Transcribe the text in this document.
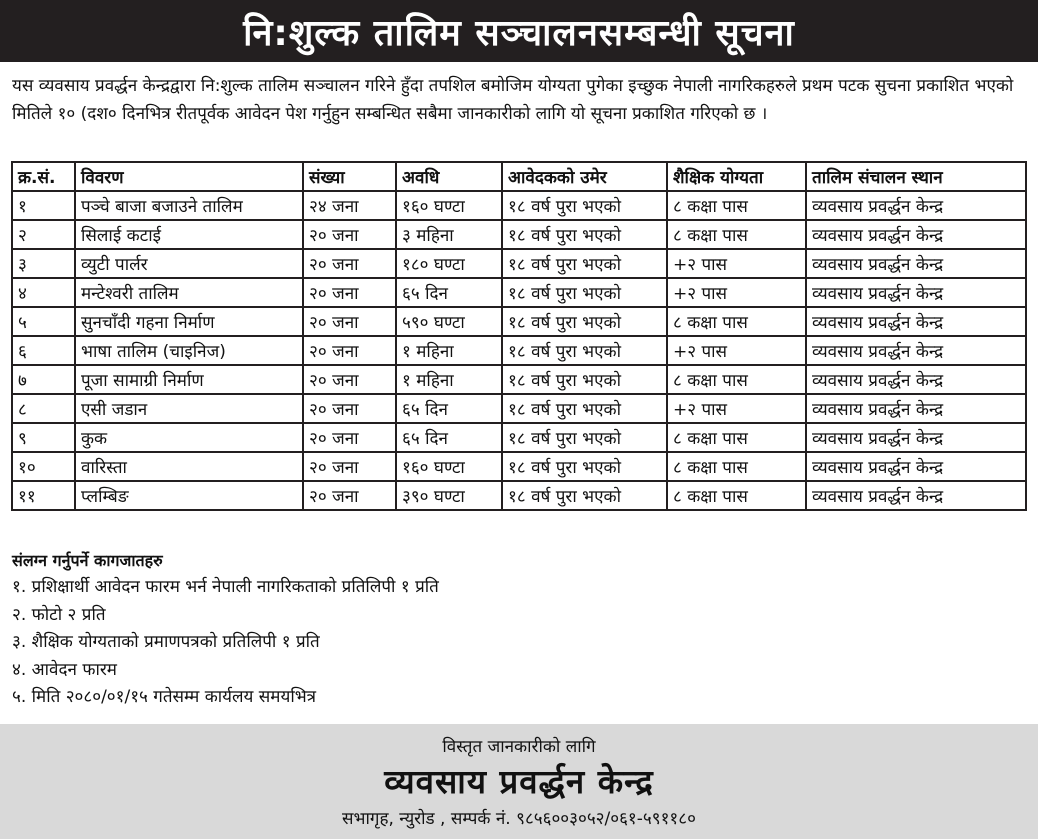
नि:शुल्क तालिम सञ्चालनसम्बन्धी सूचना

यस व्यवसाय प्रवर्द्धन केन्द्रद्वारा नि:शुल्क तालिम सञ्चालन गरिने हुँदा तपशिल बमोजिम योग्यता पुगेका इच्छुक नेपाली नागरिकहरुले प्रथम पटक सुचना प्रकाशित भएको मितिले १० (दश० दिनभित्र रीतपूर्वक आवेदन पेश गर्नुहुन सम्बन्धित सबैमा जानकारीको लागि यो सूचना प्रकाशित गरिएको छ ।

क्र.सं.	विवरण	संख्या	अवधि	आवेदकको उमेर	शैक्षिक योग्यता	तालिम संचालन स्थान
१	पञ्चे बाजा बजाउने तालिम	२४ जना	१६० घण्टा	१८ वर्ष पुरा भएको	८ कक्षा पास	व्यवसाय प्रवर्द्धन केन्द्र
२	सिलाई कटाई	२० जना	३ महिना	१८ वर्ष पुरा भएको	८ कक्षा पास	व्यवसाय प्रवर्द्धन केन्द्र
३	व्युटी पार्लर	२० जना	१८० घण्टा	१८ वर्ष पुरा भएको	+२ पास	व्यवसाय प्रवर्द्धन केन्द्र
४	मन्टेश्वरी तालिम	२० जना	६५ दिन	१८ वर्ष पुरा भएको	+२ पास	व्यवसाय प्रवर्द्धन केन्द्र
५	सुनचाँदी गहना निर्माण	२० जना	५९० घण्टा	१८ वर्ष पुरा भएको	८ कक्षा पास	व्यवसाय प्रवर्द्धन केन्द्र
६	भाषा तालिम (चाइनिज)	२० जना	१ महिना	१८ वर्ष पुरा भएको	+२ पास	व्यवसाय प्रवर्द्धन केन्द्र
७	पूजा सामाग्री निर्माण	२० जना	१ महिना	१८ वर्ष पुरा भएको	८ कक्षा पास	व्यवसाय प्रवर्द्धन केन्द्र
८	एसी जडान	२० जना	६५ दिन	१८ वर्ष पुरा भएको	+२ पास	व्यवसाय प्रवर्द्धन केन्द्र
९	कुक	२० जना	६५ दिन	१८ वर्ष पुरा भएको	८ कक्षा पास	व्यवसाय प्रवर्द्धन केन्द्र
१०	वारिस्ता	२० जना	१६० घण्टा	१८ वर्ष पुरा भएको	८ कक्षा पास	व्यवसाय प्रवर्द्धन केन्द्र
११	प्लम्बिङ	२० जना	३९० घण्टा	१८ वर्ष पुरा भएको	८ कक्षा पास	व्यवसाय प्रवर्द्धन केन्द्र
संलग्न गर्नुपर्ने कागजातहरु
१. प्रशिक्षार्थी आवेदन फारम भर्न नेपाली नागरिकताको प्रतिलिपी १ प्रति
२. फोटो २ प्रति
३. शैक्षिक योग्यताको प्रमाणपत्रको प्रतिलिपी १ प्रति
४. आवेदन फारम
५. मिति २०८०/०१/१५ गतेसम्म कार्यलय समयभित्र
विस्तृत जानकारीको लागि
व्यवसाय प्रवर्द्धन केन्द्र
सभागृह, न्युरोड , सम्पर्क नं. ९८५६००३०५२/०६१-५९११८०
